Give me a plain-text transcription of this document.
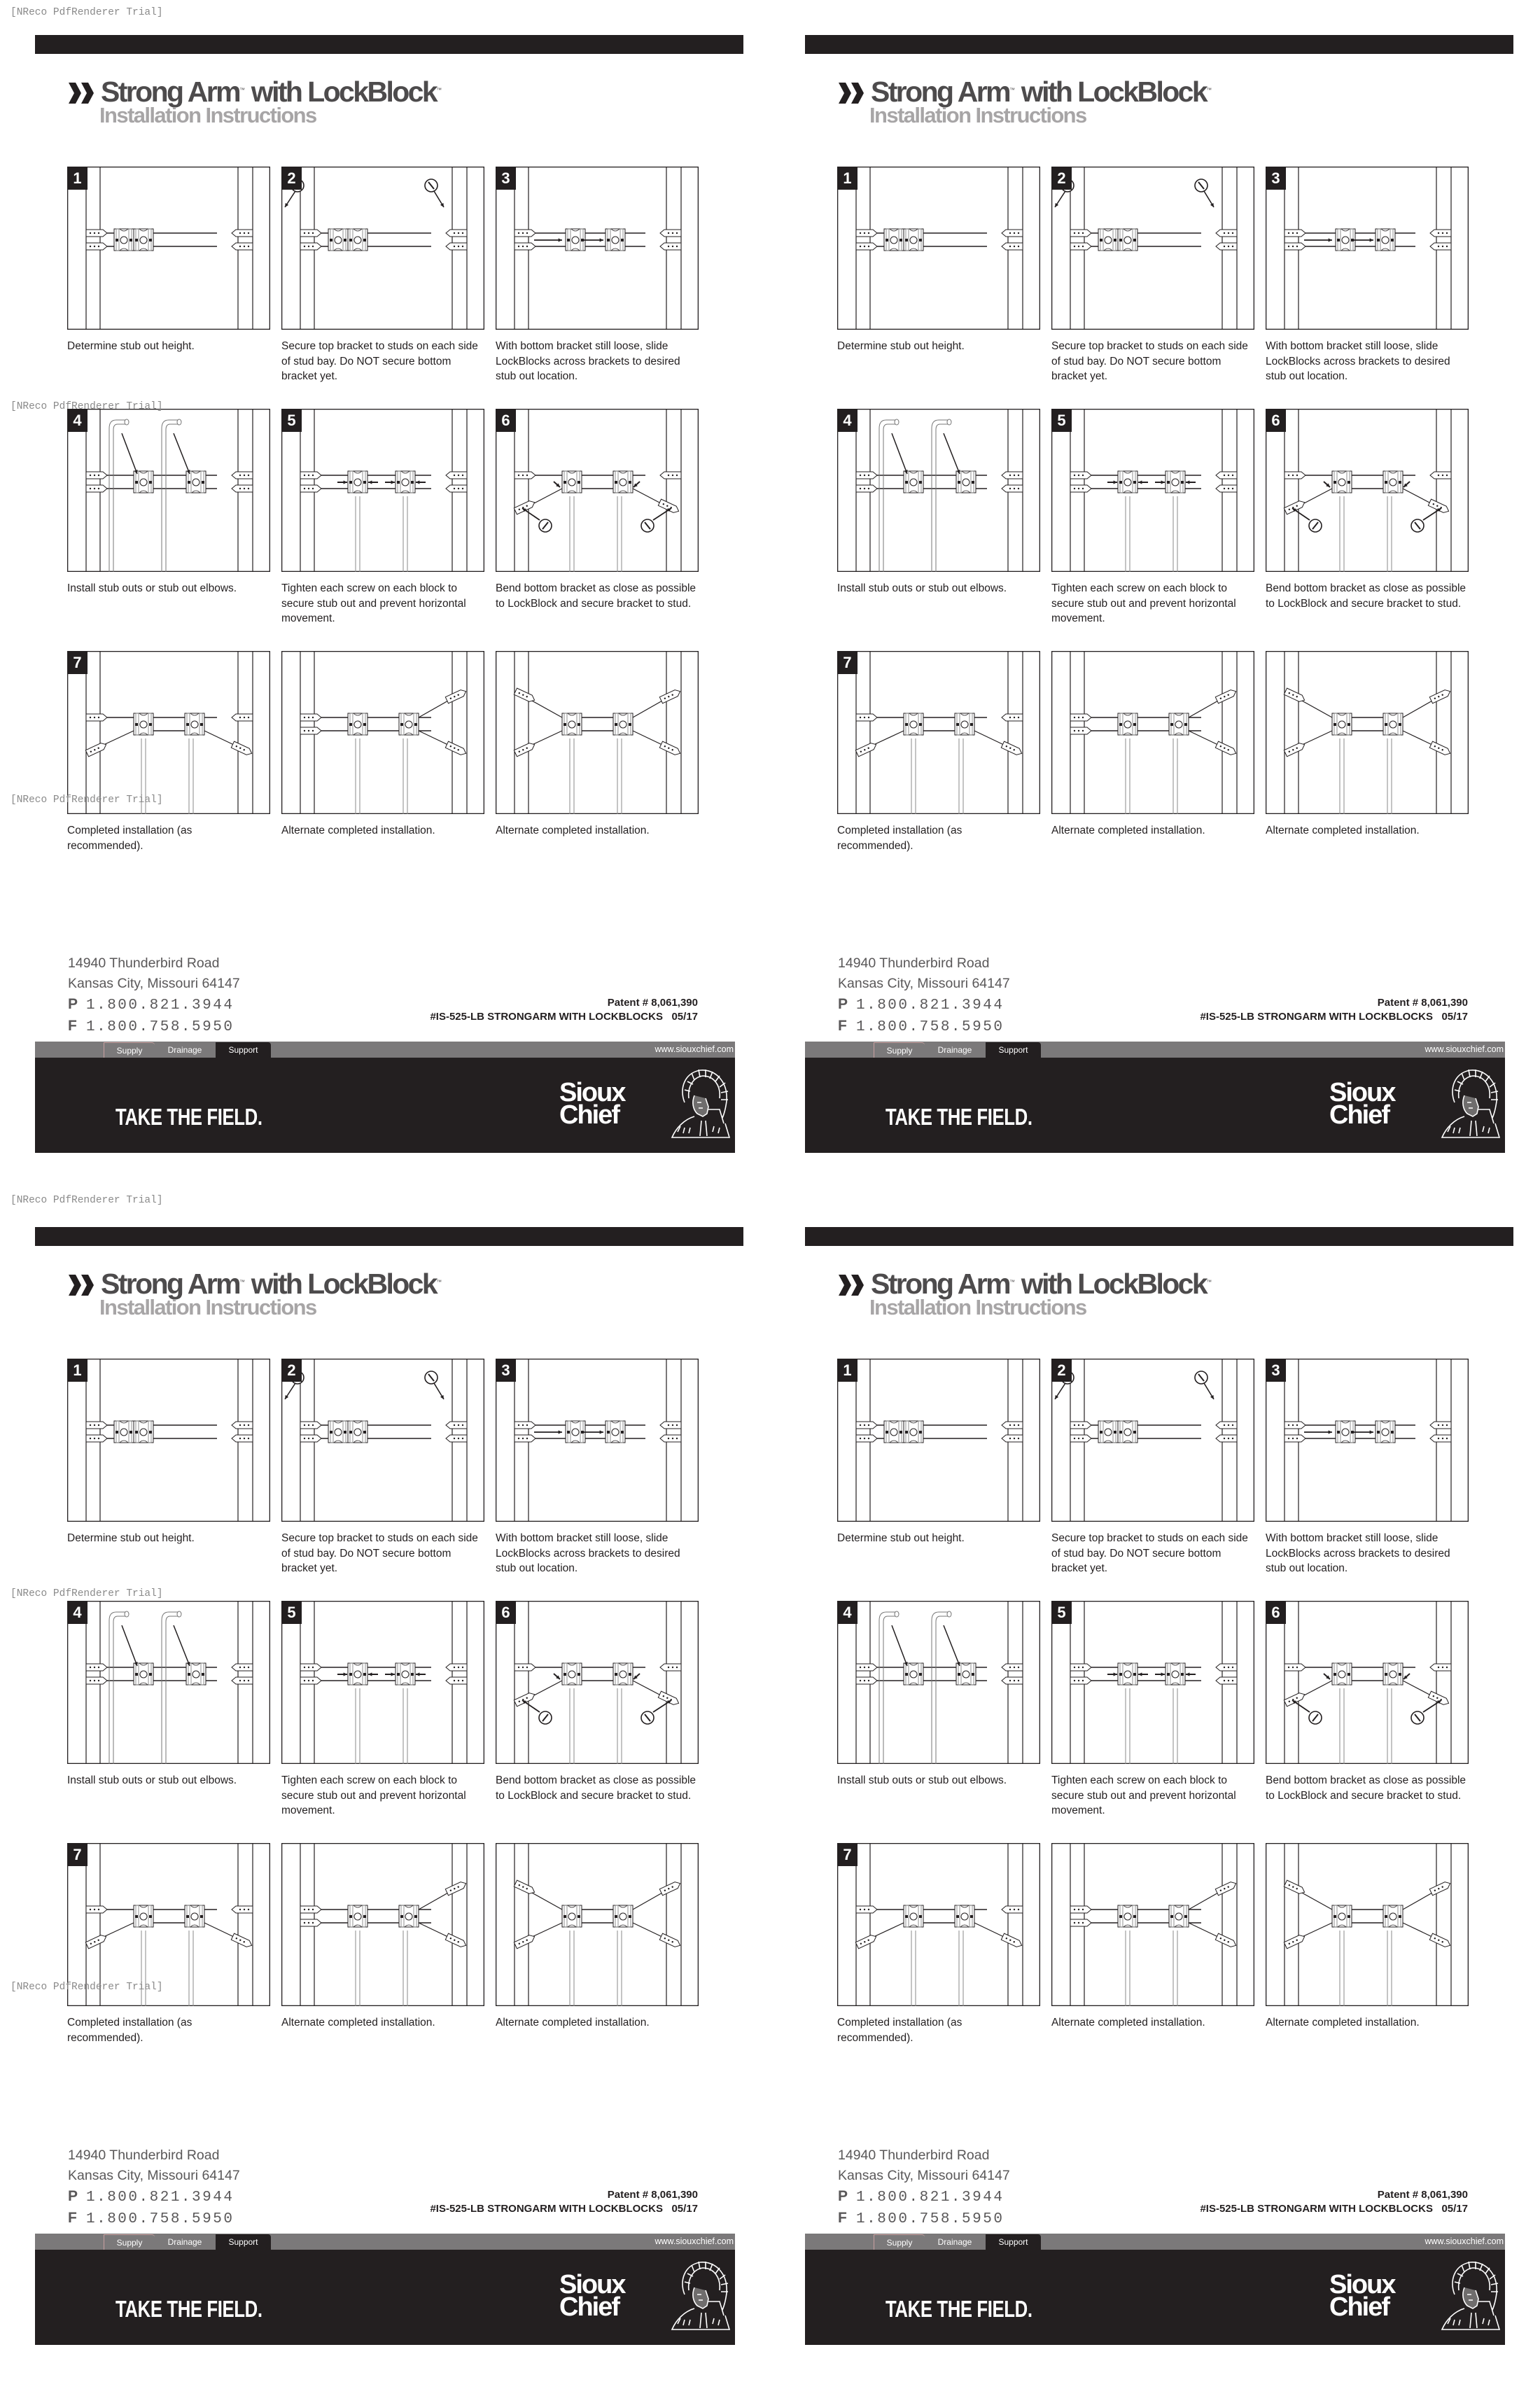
[NReco PdfRenderer Trial]
[NReco PdfRenderer Trial]
[NReco PdfRenderer Trial]
[NReco PdfRenderer Trial]
[NReco PdfRenderer Trial]
[NReco PdfRenderer Trial]
Strong Arm™ with LockBlock™
Installation Instructions
1
Determine stub out height.
2
Secure top bracket to studs on each side of stud bay. Do NOT secure bottom bracket yet.
3
With bottom bracket still loose, slide LockBlocks across brackets to desired stub out location.
4
Install stub outs or stub out elbows.
5
Tighten each screw on each block to secure stub out and prevent horizontal movement.
6
Bend bottom bracket as close as possible to LockBlock and secure bracket to stud.
7
Completed installation (as recommended).
Alternate completed installation.	Alternate completed installation.
14940 Thunderbird Road
Kansas City, Missouri 64147
P 1.800.821.3944
F 1.800.758.5950
Patent # 8,061,390
#IS-525-LB STRONGARM WITH LOCKBLOCKS   05/17
Supply	Drainage	Support	www.siouxchief.com
TAKE THE FIELD.
Sioux
Chief
Strong Arm™ with LockBlock™
Installation Instructions
1
Determine stub out height.
2
Secure top bracket to studs on each side of stud bay. Do NOT secure bottom bracket yet.
3
With bottom bracket still loose, slide LockBlocks across brackets to desired stub out location.
4
Install stub outs or stub out elbows.
5
Tighten each screw on each block to secure stub out and prevent horizontal movement.
6
Bend bottom bracket as close as possible to LockBlock and secure bracket to stud.
7
Completed installation (as recommended).
Alternate completed installation.	Alternate completed installation.
14940 Thunderbird Road
Kansas City, Missouri 64147
P 1.800.821.3944
F 1.800.758.5950
Patent # 8,061,390
#IS-525-LB STRONGARM WITH LOCKBLOCKS   05/17
Supply	Drainage	Support	www.siouxchief.com
TAKE THE FIELD.
Sioux
Chief
Strong Arm™ with LockBlock™
Installation Instructions
1
Determine stub out height.
2
Secure top bracket to studs on each side of stud bay. Do NOT secure bottom bracket yet.
3
With bottom bracket still loose, slide LockBlocks across brackets to desired stub out location.
4
Install stub outs or stub out elbows.
5
Tighten each screw on each block to secure stub out and prevent horizontal movement.
6
Bend bottom bracket as close as possible to LockBlock and secure bracket to stud.
7
Completed installation (as recommended).
Alternate completed installation.	Alternate completed installation.
14940 Thunderbird Road
Kansas City, Missouri 64147
P 1.800.821.3944
F 1.800.758.5950
Patent # 8,061,390
#IS-525-LB STRONGARM WITH LOCKBLOCKS   05/17
Supply	Drainage	Support	www.siouxchief.com
TAKE THE FIELD.
Sioux
Chief
Strong Arm™ with LockBlock™
Installation Instructions
1
Determine stub out height.
2
Secure top bracket to studs on each side of stud bay. Do NOT secure bottom bracket yet.
3
With bottom bracket still loose, slide LockBlocks across brackets to desired stub out location.
4
Install stub outs or stub out elbows.
5
Tighten each screw on each block to secure stub out and prevent horizontal movement.
6
Bend bottom bracket as close as possible to LockBlock and secure bracket to stud.
7
Completed installation (as recommended).
Alternate completed installation.	Alternate completed installation.
14940 Thunderbird Road
Kansas City, Missouri 64147
P 1.800.821.3944
F 1.800.758.5950
Patent # 8,061,390
#IS-525-LB STRONGARM WITH LOCKBLOCKS   05/17
Supply	Drainage	Support	www.siouxchief.com
TAKE THE FIELD.
Sioux
Chief
